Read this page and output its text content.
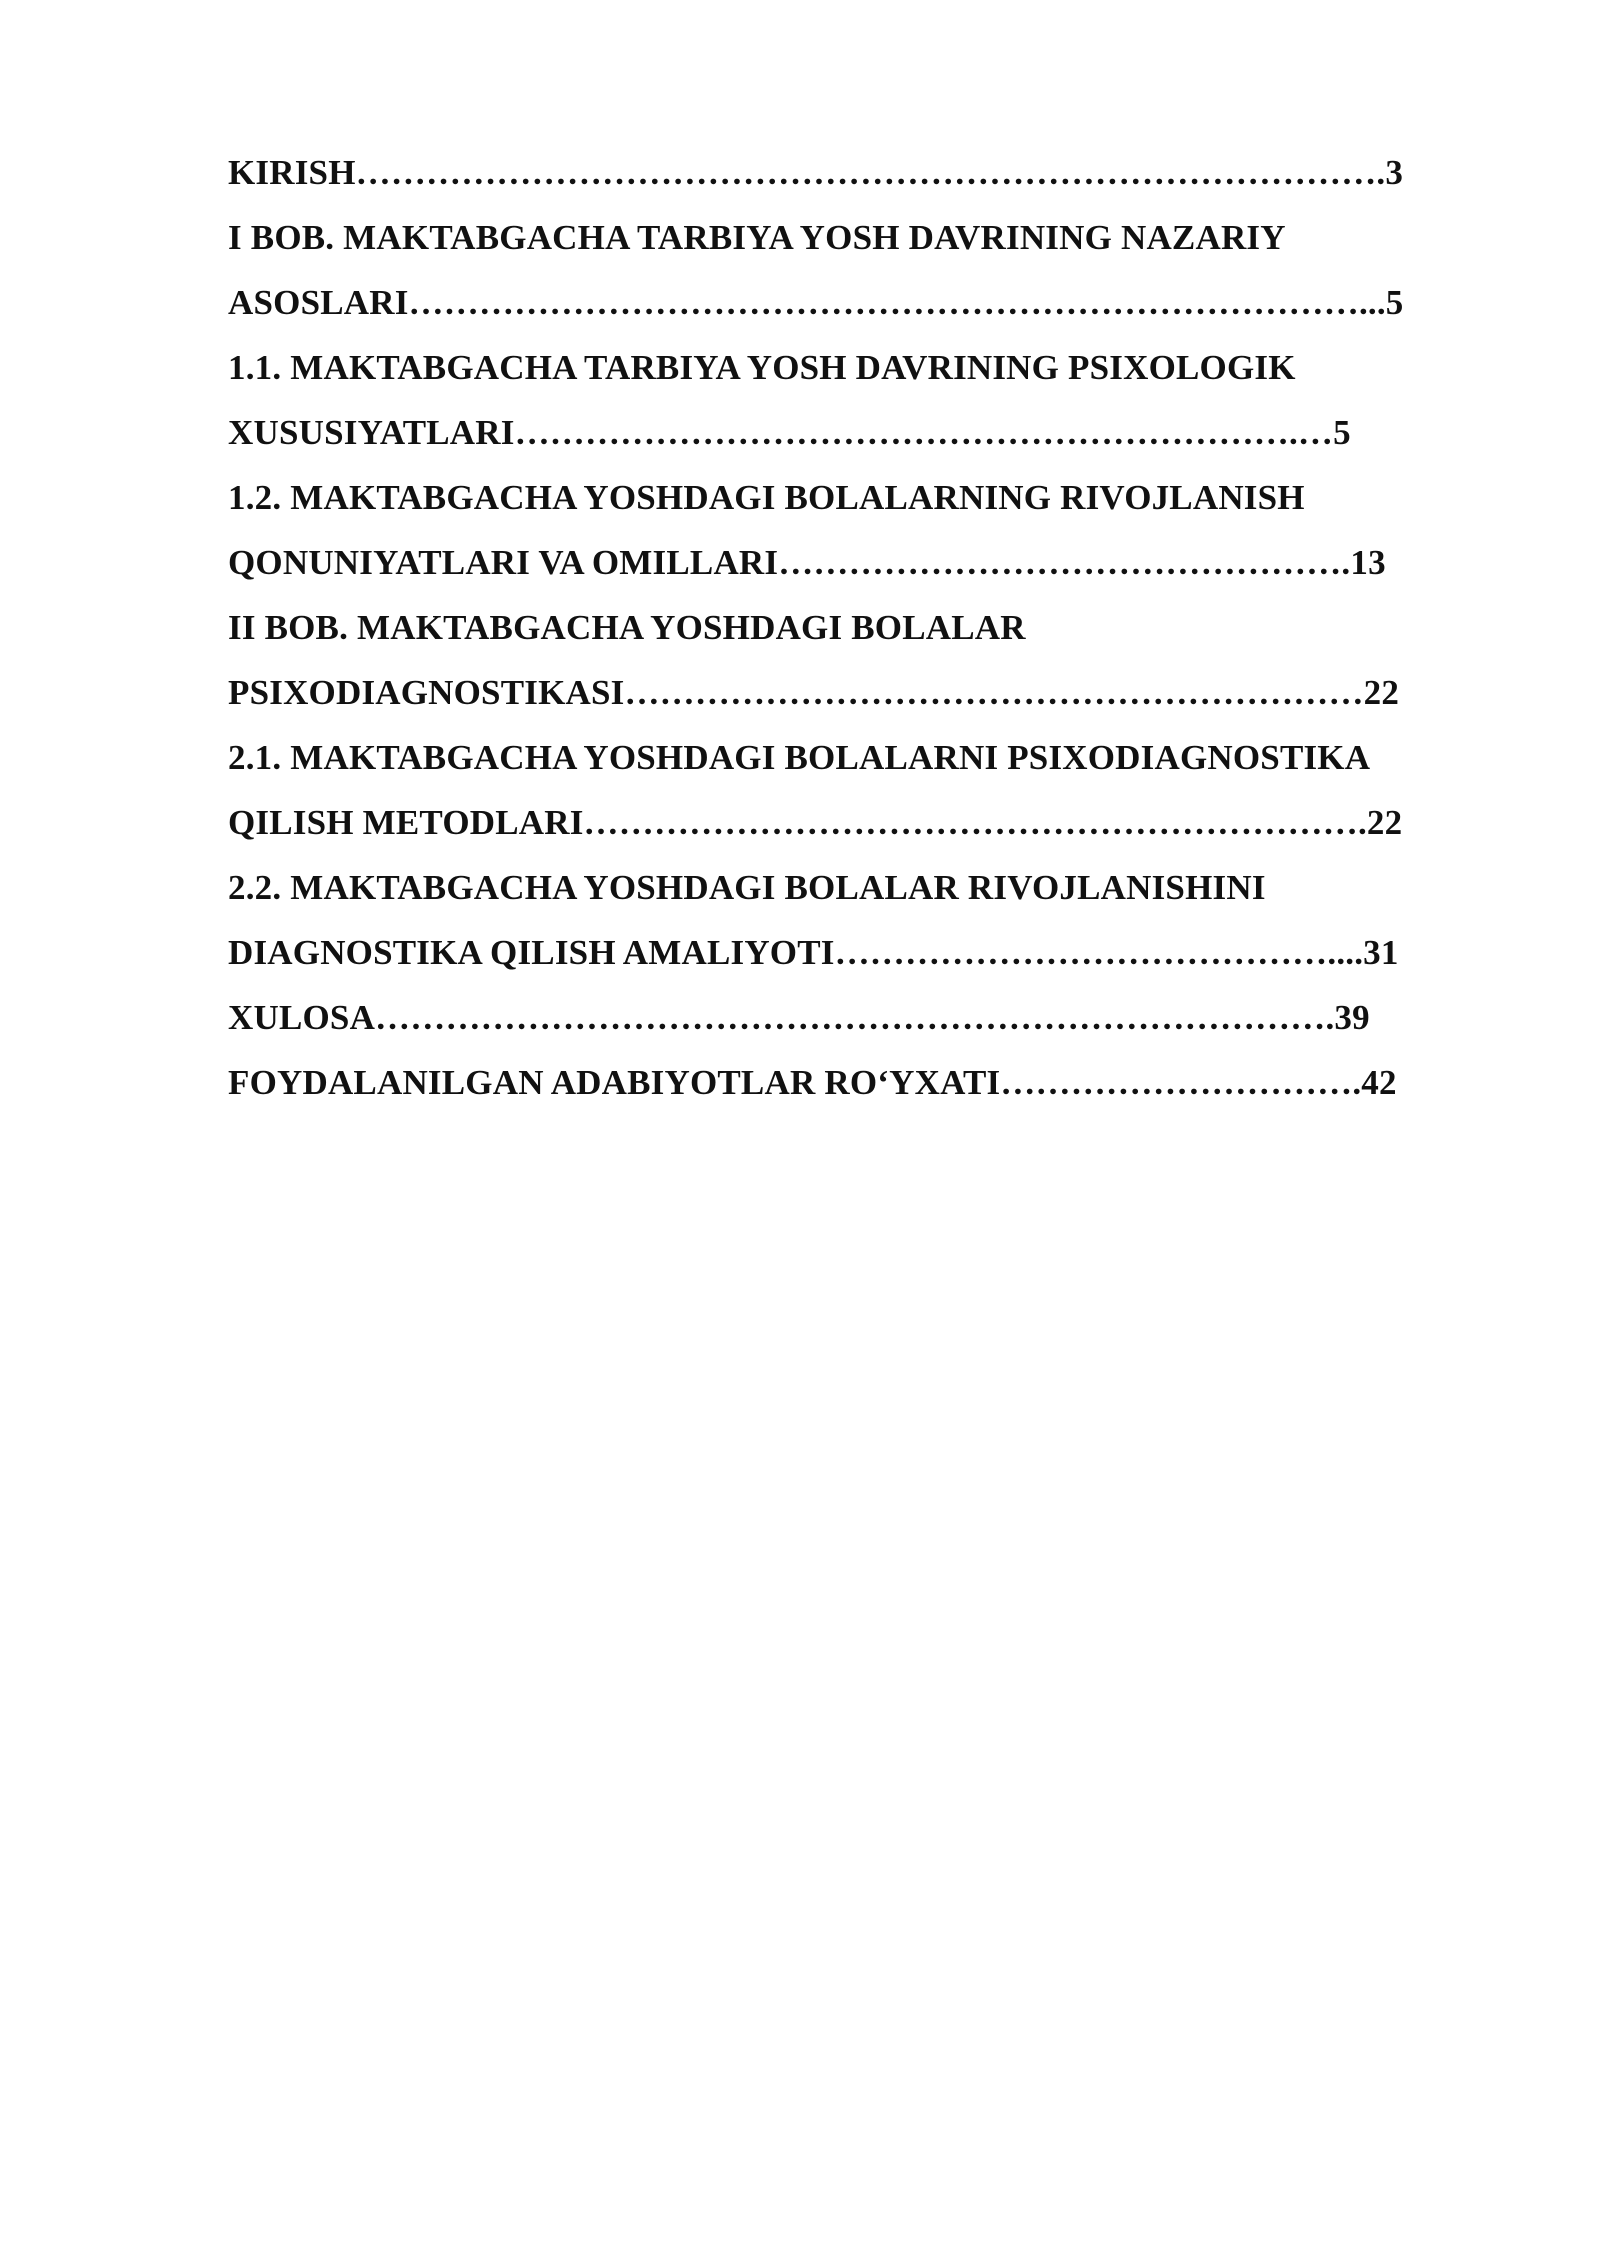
KIRISH…………………………………………………………………………….3
I BOB. MAKTABGACHA TARBIYA YOSH DAVRINING NAZARIY
ASOSLARI………………………………………………………………………...5
1.1. MAKTABGACHA TARBIYA YOSH DAVRINING PSIXOLOGIK
XUSUSIYATLARI………………………………………………………….…5
1.2. MAKTABGACHA YOSHDAGI BOLALARNING RIVOJLANISH
QONUNIYATLARI VA OMILLARI………………………………………….13
II BOB. MAKTABGACHA YOSHDAGI BOLALAR
PSIXODIAGNOSTIKASI………………………………………………………22
2.1. MAKTABGACHA YOSHDAGI BOLALARNI PSIXODIAGNOSTIKA
QILISH METODLARI………………………………………………………….22
2.2. MAKTABGACHA YOSHDAGI BOLALAR RIVOJLANISHINI
DIAGNOSTIKA QILISH AMALIYOTI……………………………………....31
XULOSA……………………………………………………………………….39
FOYDALANILGAN ADABIYOTLAR RO‘YXATI………………………….42
